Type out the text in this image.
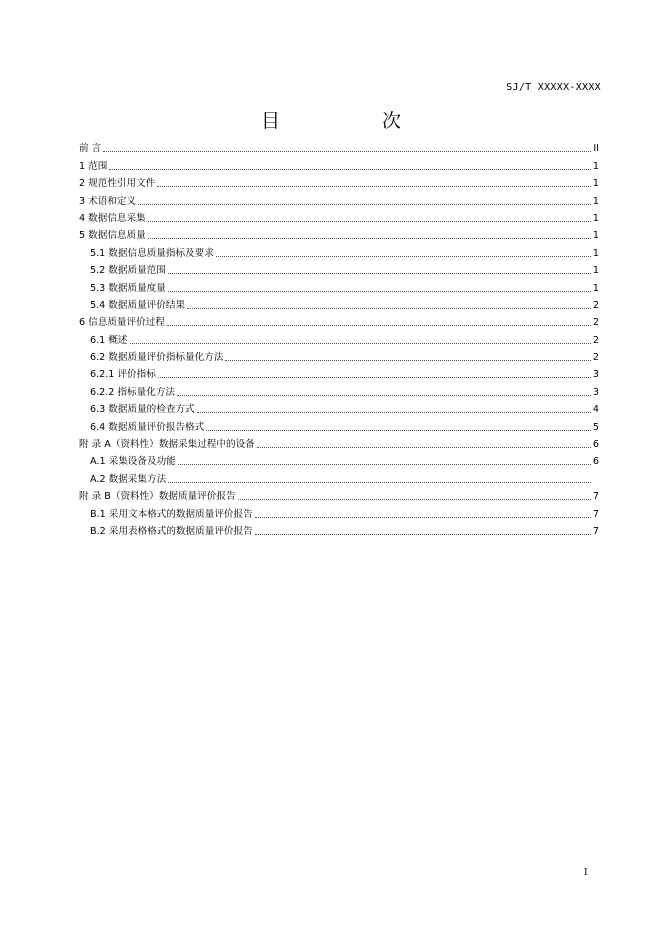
SJ/T XXXXX-XXXX
目 次
前 言	II
1 范围	1
2 规范性引用文件	1
3 术语和定义	1
4 数据信息采集	1
5 数据信息质量	1
5.1 数据信息质量指标及要求	1
5.2 数据质量范围	1
5.3 数据质量度量	1
5.4 数据质量评价结果	2
6 信息质量评价过程	2
6.1 概述	2
6.2 数据质量评价指标量化方法	2
6.2.1 评价指标	3
6.2.2 指标量化方法	3
6.3 数据质量的检查方式	4
6.4 数据质量评价报告格式	5
附 录 A（资料性）数据采集过程中的设备	6
A.1 采集设备及功能	6
A.2 数据采集方法
附 录 B（资料性）数据质量评价报告	7
B.1 采用文本格式的数据质量评价报告	7
B.2 采用表格格式的数据质量评价报告	7
I
